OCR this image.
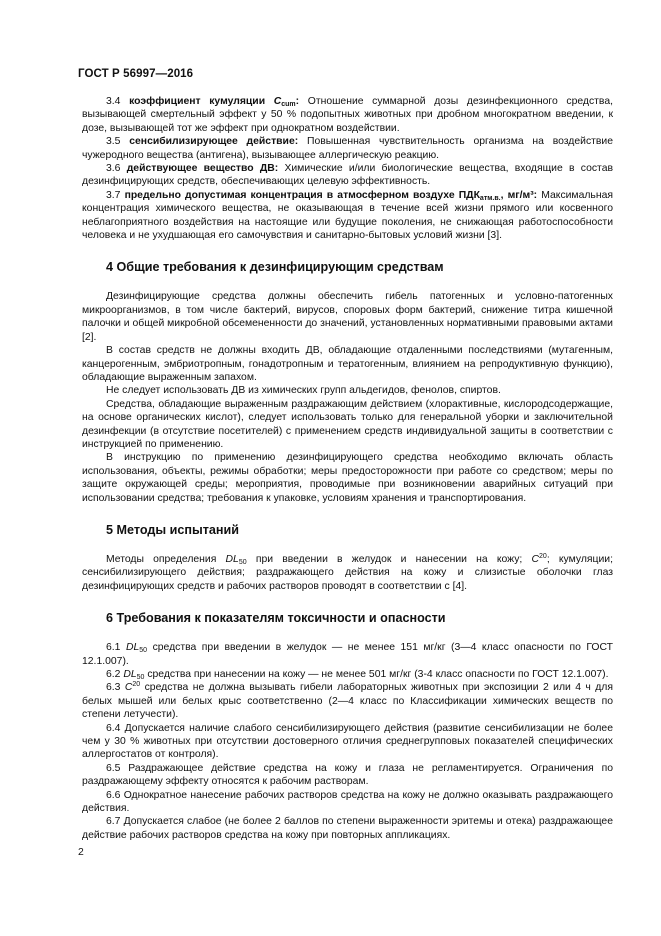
ГОСТ Р 56997—2016

3.4 коэффициент кумуляции $C_{cum}$: Отношение суммарной дозы дезинфекционного средства, вызывающей смертельный эффект у 50 % подопытных животных при дробном многократном введении, к дозе, вызывающей тот же эффект при однократном воздействии.

3.5 сенсибилизирующее действие: Повышенная чувствительность организма на воздействие чужеродного вещества (антигена), вызывающее аллергическую реакцию.

3.6 действующее вещество ДВ: Химические и/или биологические вещества, входящие в состав дезинфицирующих средств, обеспечивающих целевую эффективность.

3.7 предельно допустимая концентрация в атмосферном воздухе $ПДК_{атм.в.}$, мг/м³: Максимальная концентрация химического вещества, не оказывающая в течение всей жизни прямого или косвенного неблагоприятного воздействия на настоящие или будущие поколения, не снижающая работоспособности человека и не ухудшающая его самочувствия и санитарно-бытовых условий жизни [3].

4 Общие требования к дезинфицирующим средствам

Дезинфицирующие средства должны обеспечить гибель патогенных и условно-патогенных микроорганизмов, в том числе бактерий, вирусов, споровых форм бактерий, снижение титра кишечной палочки и общей микробной обсемененности до значений, установленных нормативными правовыми актами [2].

В состав средств не должны входить ДВ, обладающие отдаленными последствиями (мутагенным, канцерогенным, эмбриотропным, гонадотропным и тератогенным, влиянием на репродуктивную функцию), обладающие выраженным запахом.

Не следует использовать ДВ из химических групп альдегидов, фенолов, спиртов.

Средства, обладающие выраженным раздражающим действием (хлорактивные, кислородсодержащие, на основе органических кислот), следует использовать только для генеральной уборки и заключительной дезинфекции (в отсутствие посетителей) с применением средств индивидуальной защиты в соответствии с инструкцией по применению.

В инструкцию по применению дезинфицирующего средства необходимо включать область использования, объекты, режимы обработки; меры предосторожности при работе со средством; меры по защите окружающей среды; мероприятия, проводимые при возникновении аварийных ситуаций при использовании средства; требования к упаковке, условиям хранения и транспортирования.

5 Методы испытаний

Методы определения $DL_{50}$ при введении в желудок и нанесении на кожу; $C^{20}$; кумуляции; сенсибилизирующего действия; раздражающего действия на кожу и слизистые оболочки глаз дезинфицирующих средств и рабочих растворов проводят в соответствии с [4].

6 Требования к показателям токсичности и опасности

6.1 $DL_{50}$ средства при введении в желудок — не менее 151 мг/кг (3—4 класс опасности по ГОСТ 12.1.007).

6.2 $DL_{50}$ средства при нанесении на кожу — не менее 501 мг/кг (3-4 класс опасности по ГОСТ 12.1.007).

6.3 $C^{20}$ средства не должна вызывать гибели лабораторных животных при экспозиции 2 или 4 ч для белых мышей или белых крыс соответственно (2—4 класс по Классификации химических веществ по степени летучести).

6.4 Допускается наличие слабого сенсибилизирующего действия (развитие сенсибилизации не более чем у 30 % животных при отсутствии достоверного отличия среднегрупповых показателей специфических аллергостатов от контроля).

6.5 Раздражающее действие средства на кожу и глаза не регламентируется. Ограничения по раздражающему эффекту относятся к рабочим растворам.

6.6 Однократное нанесение рабочих растворов средства на кожу не должно оказывать раздражающего действия.

6.7 Допускается слабое (не более 2 баллов по степени выраженности эритемы и отека) раздражающее действие рабочих растворов средства на кожу при повторных аппликациях.

2
